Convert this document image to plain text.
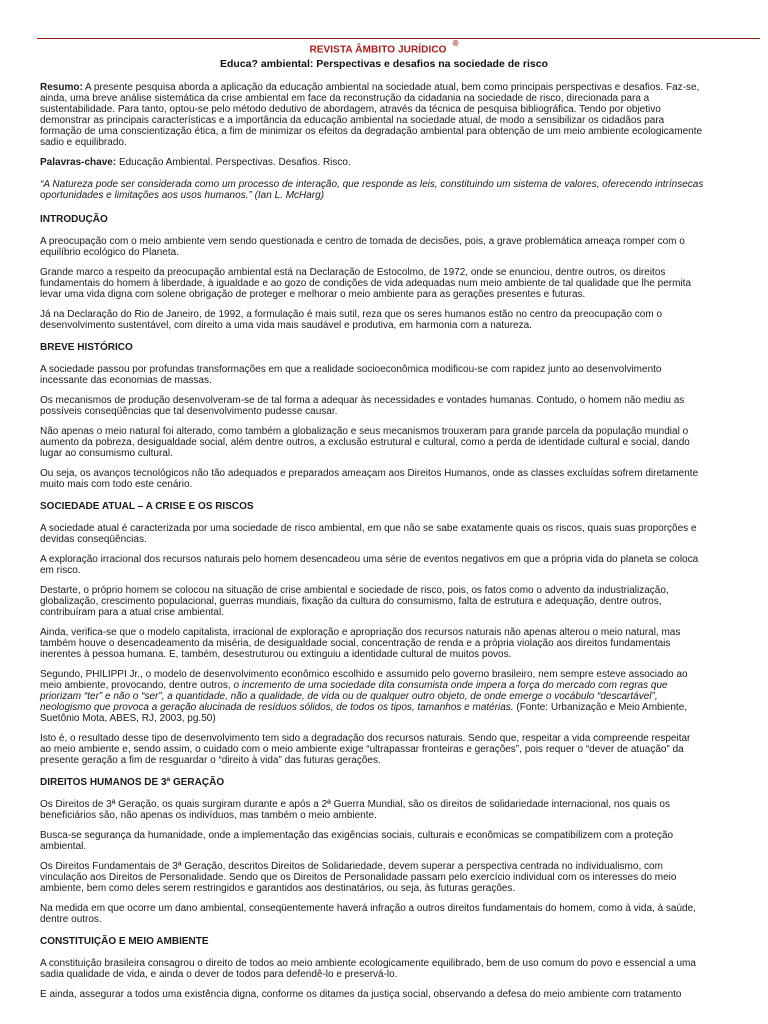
REVISTA ÂMBITO JURÍDICO®
Educa? ambiental: Perspectivas e desafios na sociedade de risco

Resumo: A presente pesquisa aborda a aplicação da educação ambiental na sociedade atual, bem como principais perspectivas e desafios. Faz-se, ainda, uma breve análise sistemática da crise ambiental em face da reconstrução da cidadania na sociedade de risco, direcionada para a sustentabilidade. Para tanto, optou-se pelo método dedutivo de abordagem, através da técnica de pesquisa bibliográfica. Tendo por objetivo demonstrar as principais características e a importância da educação ambiental na sociedade atual, de modo a sensibilizar os cidadãos para formação de uma conscientização ética, a fim de minimizar os efeitos da degradação ambiental para obtenção de um meio ambiente ecologicamente sadio e equilibrado.

Palavras-chave: Educação Ambiental. Perspectivas. Desafios. Risco.

“A Natureza pode ser considerada como um processo de interação, que responde as leis, constituindo um sistema de valores, oferecendo intrínsecas oportunidades e limitações aos usos humanos.” (Ian L. McHarg)

INTRODUÇÃO

A preocupação com o meio ambiente vem sendo questionada e centro de tomada de decisões, pois, a grave problemática ameaça romper com o equilíbrio ecológico do Planeta.

Grande marco a respeito da preocupação ambiental está na Declaração de Estocolmo, de 1972, onde se enunciou, dentre outros, os direitos fundamentais do homem à liberdade, à igualdade e ao gozo de condições de vida adequadas num meio ambiente de tal qualidade que lhe permita levar uma vida digna com solene obrigação de proteger e melhorar o meio ambiente para as gerações presentes e futuras.

Já na Declaração do Rio de Janeiro, de 1992, a formulação é mais sutil, reza que os seres humanos estão no centro da preocupação com o desenvolvimento sustentável, com direito a uma vida mais saudável e produtiva, em harmonia com a natureza.

BREVE HISTÓRICO

A sociedade passou por profundas transformações em que a realidade socioeconômica modificou-se com rapidez junto ao desenvolvimento incessante das economias de massas.

Os mecanismos de produção desenvolveram-se de tal forma a adequar às necessidades e vontades humanas. Contudo, o homem não mediu as possíveis conseqüências que tal desenvolvimento pudesse causar.

Não apenas o meio natural foi alterado, como também a globalização e seus mecanismos trouxeram para grande parcela da população mundial o aumento da pobreza, desigualdade social, além dentre outros, a exclusão estrutural e cultural, como a perda de identidade cultural e social, dando lugar ao consumismo cultural.

Ou seja, os avanços tecnológicos não tão adequados e preparados ameaçam aos Direitos Humanos, onde as classes excluídas sofrem diretamente muito mais com todo este cenário.

SOCIEDADE ATUAL – A CRISE E OS RISCOS

A sociedade atual é caracterizada por uma sociedade de risco ambiental, em que não se sabe exatamente quais os riscos, quais suas proporções e devidas conseqüências.

A exploração irracional dos recursos naturais pelo homem desencadeou uma série de eventos negativos em que a própria vida do planeta se coloca em risco.

Destarte, o próprio homem se colocou na situação de crise ambiental e sociedade de risco, pois, os fatos como o advento da industrialização, globalização, crescimento populacional, guerras mundiais, fixação da cultura do consumismo, falta de estrutura e adequação, dentre outros, contribuíram para a atual crise ambiental.

Ainda, verifica-se que o modelo capitalista, irracional de exploração e apropriação dos recursos naturais não apenas alterou o meio natural, mas também houve o desencadeamento da miséria, de desigualdade social, concentração de renda e a própria violação aos direitos fundamentais inerentes à pessoa humana. E, também, desestruturou ou extinguiu a identidade cultural de muitos povos.

Segundo, PHILIPPI Jr., o modelo de desenvolvimento econômico escolhido e assumido pelo governo brasileiro, nem sempre esteve associado ao meio ambiente, provocando, dentre outros, o incremento de uma sociedade dita consumista onde impera a força do mercado com regras que priorizam “ter” e não o “ser”, a quantidade, não a qualidade, de vida ou de qualquer outro objeto, de onde emerge o vocábulo “descartável”, neologismo que provoca a geração alucinada de resíduos sólidos, de todos os tipos, tamanhos e matérias. (Fonte: Urbanização e Meio Ambiente, Suetônio Mota, ABES, RJ, 2003, pg.50)

Isto é, o resultado desse tipo de desenvolvimento tem sido a degradação dos recursos naturais. Sendo que, respeitar a vida compreende respeitar ao meio ambiente e, sendo assim, o cuidado com o meio ambiente exige “ultrapassar fronteiras e gerações”, pois requer o “dever de atuação” da presente geração a fim de resguardar o “direito à vida” das futuras gerações.

DIREITOS HUMANOS DE 3ª GERAÇÃO

Os Direitos de 3ª Geração, os quais surgiram durante e após a 2ª Guerra Mundial, são os direitos de solidariedade internacional, nos quais os beneficiários são, não apenas os indivíduos, mas também o meio ambiente.

Busca-se segurança da humanidade, onde a implementação das exigências sociais, culturais e econômicas se compatibilizem com a proteção ambiental.

Os Direitos Fundamentais de 3ª Geração, descritos Direitos de Solidariedade, devem superar a perspectiva centrada no individualismo, com vinculação aos Direitos de Personalidade. Sendo que os Direitos de Personalidade passam pelo exercício individual com os interesses do meio ambiente, bem como deles serem restringidos e garantidos aos destinatários, ou seja, às futuras gerações.

Na medida em que ocorre um dano ambiental, conseqüentemente haverá infração a outros direitos fundamentais do homem, como à vida, à saúde, dentre outros.

CONSTITUIÇÃO E MEIO AMBIENTE

A constituição brasileira consagrou o direito de todos ao meio ambiente ecologicamente equilibrado, bem de uso comum do povo e essencial a uma sadia qualidade de vida, e ainda o dever de todos para defendê-lo e preservá-lo.

E ainda, assegurar a todos uma existência digna, conforme os ditames da justiça social, observando a defesa do meio ambiente com tratamento
